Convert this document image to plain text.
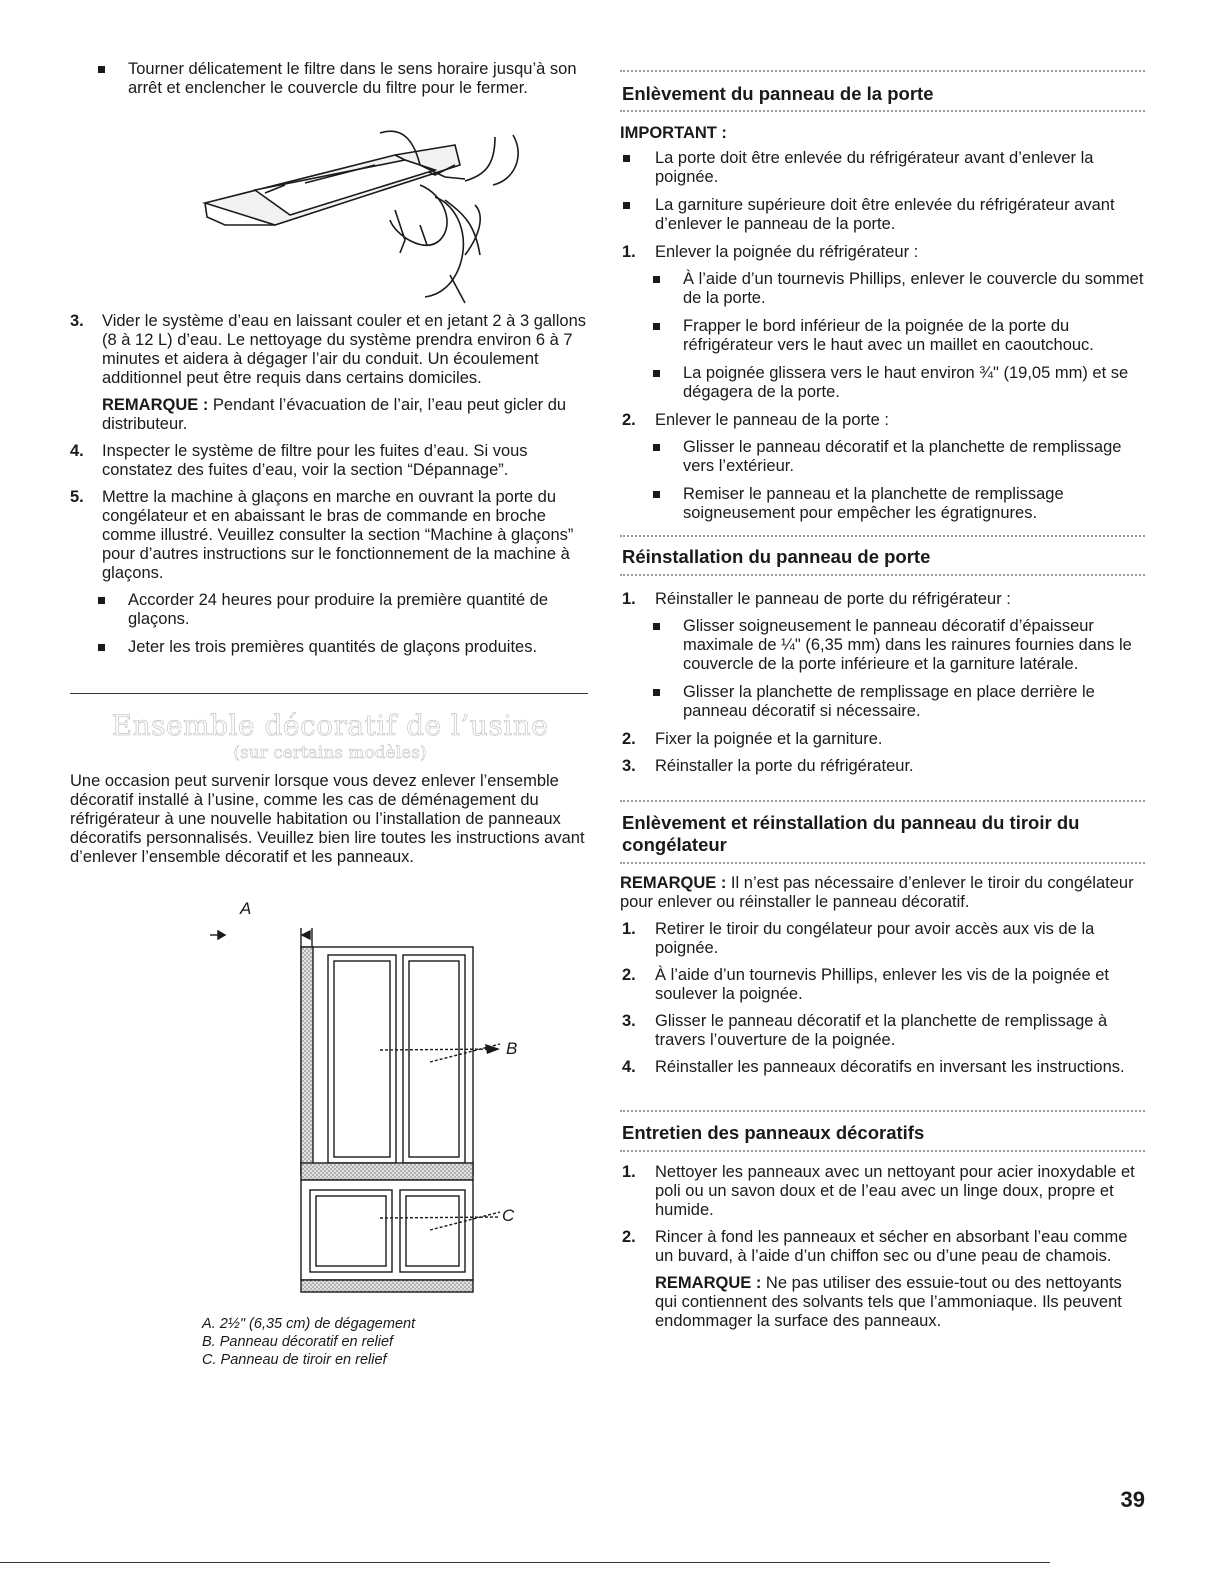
Tourner délicatement le filtre dans le sens horaire jusqu’à son arrêt et enclencher le couvercle du filtre pour le fermer.

3. Vider le système d’eau en laissant couler et en jetant 2 à 3 gallons (8 à 12 L) d’eau. Le nettoyage du système prendra environ 6 à 7 minutes et aidera à dégager l’air du conduit. Un écoulement additionnel peut être requis dans certains domiciles.

REMARQUE : Pendant l’évacuation de l’air, l’eau peut gicler du distributeur.

4. Inspecter le système de filtre pour les fuites d’eau. Si vous constatez des fuites d’eau, voir la section “Dépannage”.
5. Mettre la machine à glaçons en marche en ouvrant la porte du congélateur et en abaissant le bras de commande en broche comme illustré. Veuillez consulter la section “Machine à glaçons” pour d’autres instructions sur le fonctionnement de la machine à glaçons.

Accorder 24 heures pour produire la première quantité de glaçons.

Jeter les trois premières quantités de glaçons produites.

Ensemble décoratif de l’usine
(sur certains modèles)

Une occasion peut survenir lorsque vous devez enlever l’ensemble décoratif installé à l’usine, comme les cas de déménagement du réfrigérateur à une nouvelle habitation ou l’installation de panneaux décoratifs personnalisés. Veuillez bien lire toutes les instructions avant d’enlever l’ensemble décoratif et les panneaux.

A
B
C

A. 2½" (6,35 cm) de dégagement

B. Panneau décoratif en relief

C. Panneau de tiroir en relief

Enlèvement du panneau de la porte

IMPORTANT :

La porte doit être enlevée du réfrigérateur avant d’enlever la poignée.

La garniture supérieure doit être enlevée du réfrigérateur avant d’enlever le panneau de la porte.

1. Enlever la poignée du réfrigérateur :

À l’aide d’un tournevis Phillips, enlever le couvercle du sommet de la porte.

Frapper le bord inférieur de la poignée de la porte du réfrigérateur vers le haut avec un maillet en caoutchouc.

La poignée glissera vers le haut environ ¾" (19,05 mm) et se dégagera de la porte.

2. Enlever le panneau de la porte :

Glisser le panneau décoratif et la planchette de remplissage vers l’extérieur.

Remiser le panneau et la planchette de remplissage soigneusement pour empêcher les égratignures.

Réinstallation du panneau de porte
1. Réinstaller le panneau de porte du réfrigérateur :

Glisser soigneusement le panneau décoratif d’épaisseur maximale de ¼" (6,35 mm) dans les rainures fournies dans le couvercle de la porte inférieure et la garniture latérale.

Glisser la planchette de remplissage en place derrière le panneau décoratif si nécessaire.

2. Fixer la poignée et la garniture.
3. Réinstaller la porte du réfrigérateur.
Enlèvement et réinstallation du panneau du tiroir du
congélateur

REMARQUE : Il n’est pas nécessaire d’enlever le tiroir du congélateur pour enlever ou réinstaller le panneau décoratif.

1. Retirer le tiroir du congélateur pour avoir accès aux vis de la poignée.
2. À l’aide d’un tournevis Phillips, enlever les vis de la poignée et soulever la poignée.
3. Glisser le panneau décoratif et la planchette de remplissage à travers l’ouverture de la poignée.
4. Réinstaller les panneaux décoratifs en inversant les instructions.
Entretien des panneaux décoratifs
1. Nettoyer les panneaux avec un nettoyant pour acier inoxydable et poli ou un savon doux et de l’eau avec un linge doux, propre et humide.
2. Rincer à fond les panneaux et sécher en absorbant l’eau comme un buvard, à l’aide d’un chiffon sec ou d’une peau de chamois.

REMARQUE : Ne pas utiliser des essuie-tout ou des nettoyants qui contiennent des solvants tels que l’ammoniaque. Ils peuvent endommager la surface des panneaux.

39
